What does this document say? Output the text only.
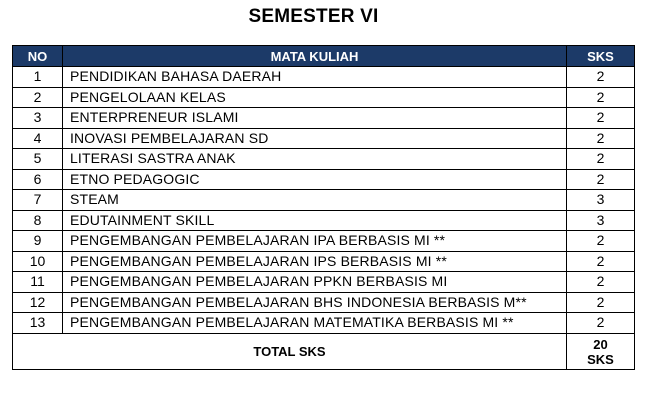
SEMESTER VI
NO	MATA KULIAH	SKS
1	PENDIDIKAN BAHASA DAERAH	2
2	PENGELOLAAN KELAS	2
3	ENTERPRENEUR ISLAMI	2
4	INOVASI PEMBELAJARAN SD	2
5	LITERASI SASTRA ANAK	2
6	ETNO PEDAGOGIC	2
7	STEAM	3
8	EDUTAINMENT SKILL	3
9	PENGEMBANGAN PEMBELAJARAN IPA BERBASIS MI **	2
10	PENGEMBANGAN PEMBELAJARAN IPS BERBASIS MI **	2
11	PENGEMBANGAN PEMBELAJARAN PPKN BERBASIS MI	2
12	PENGEMBANGAN PEMBELAJARAN BHS INDONESIA BERBASIS M**	2
13	PENGEMBANGAN PEMBELAJARAN MATEMATIKA BERBASIS MI **	2
TOTAL SKS		20
SKS
